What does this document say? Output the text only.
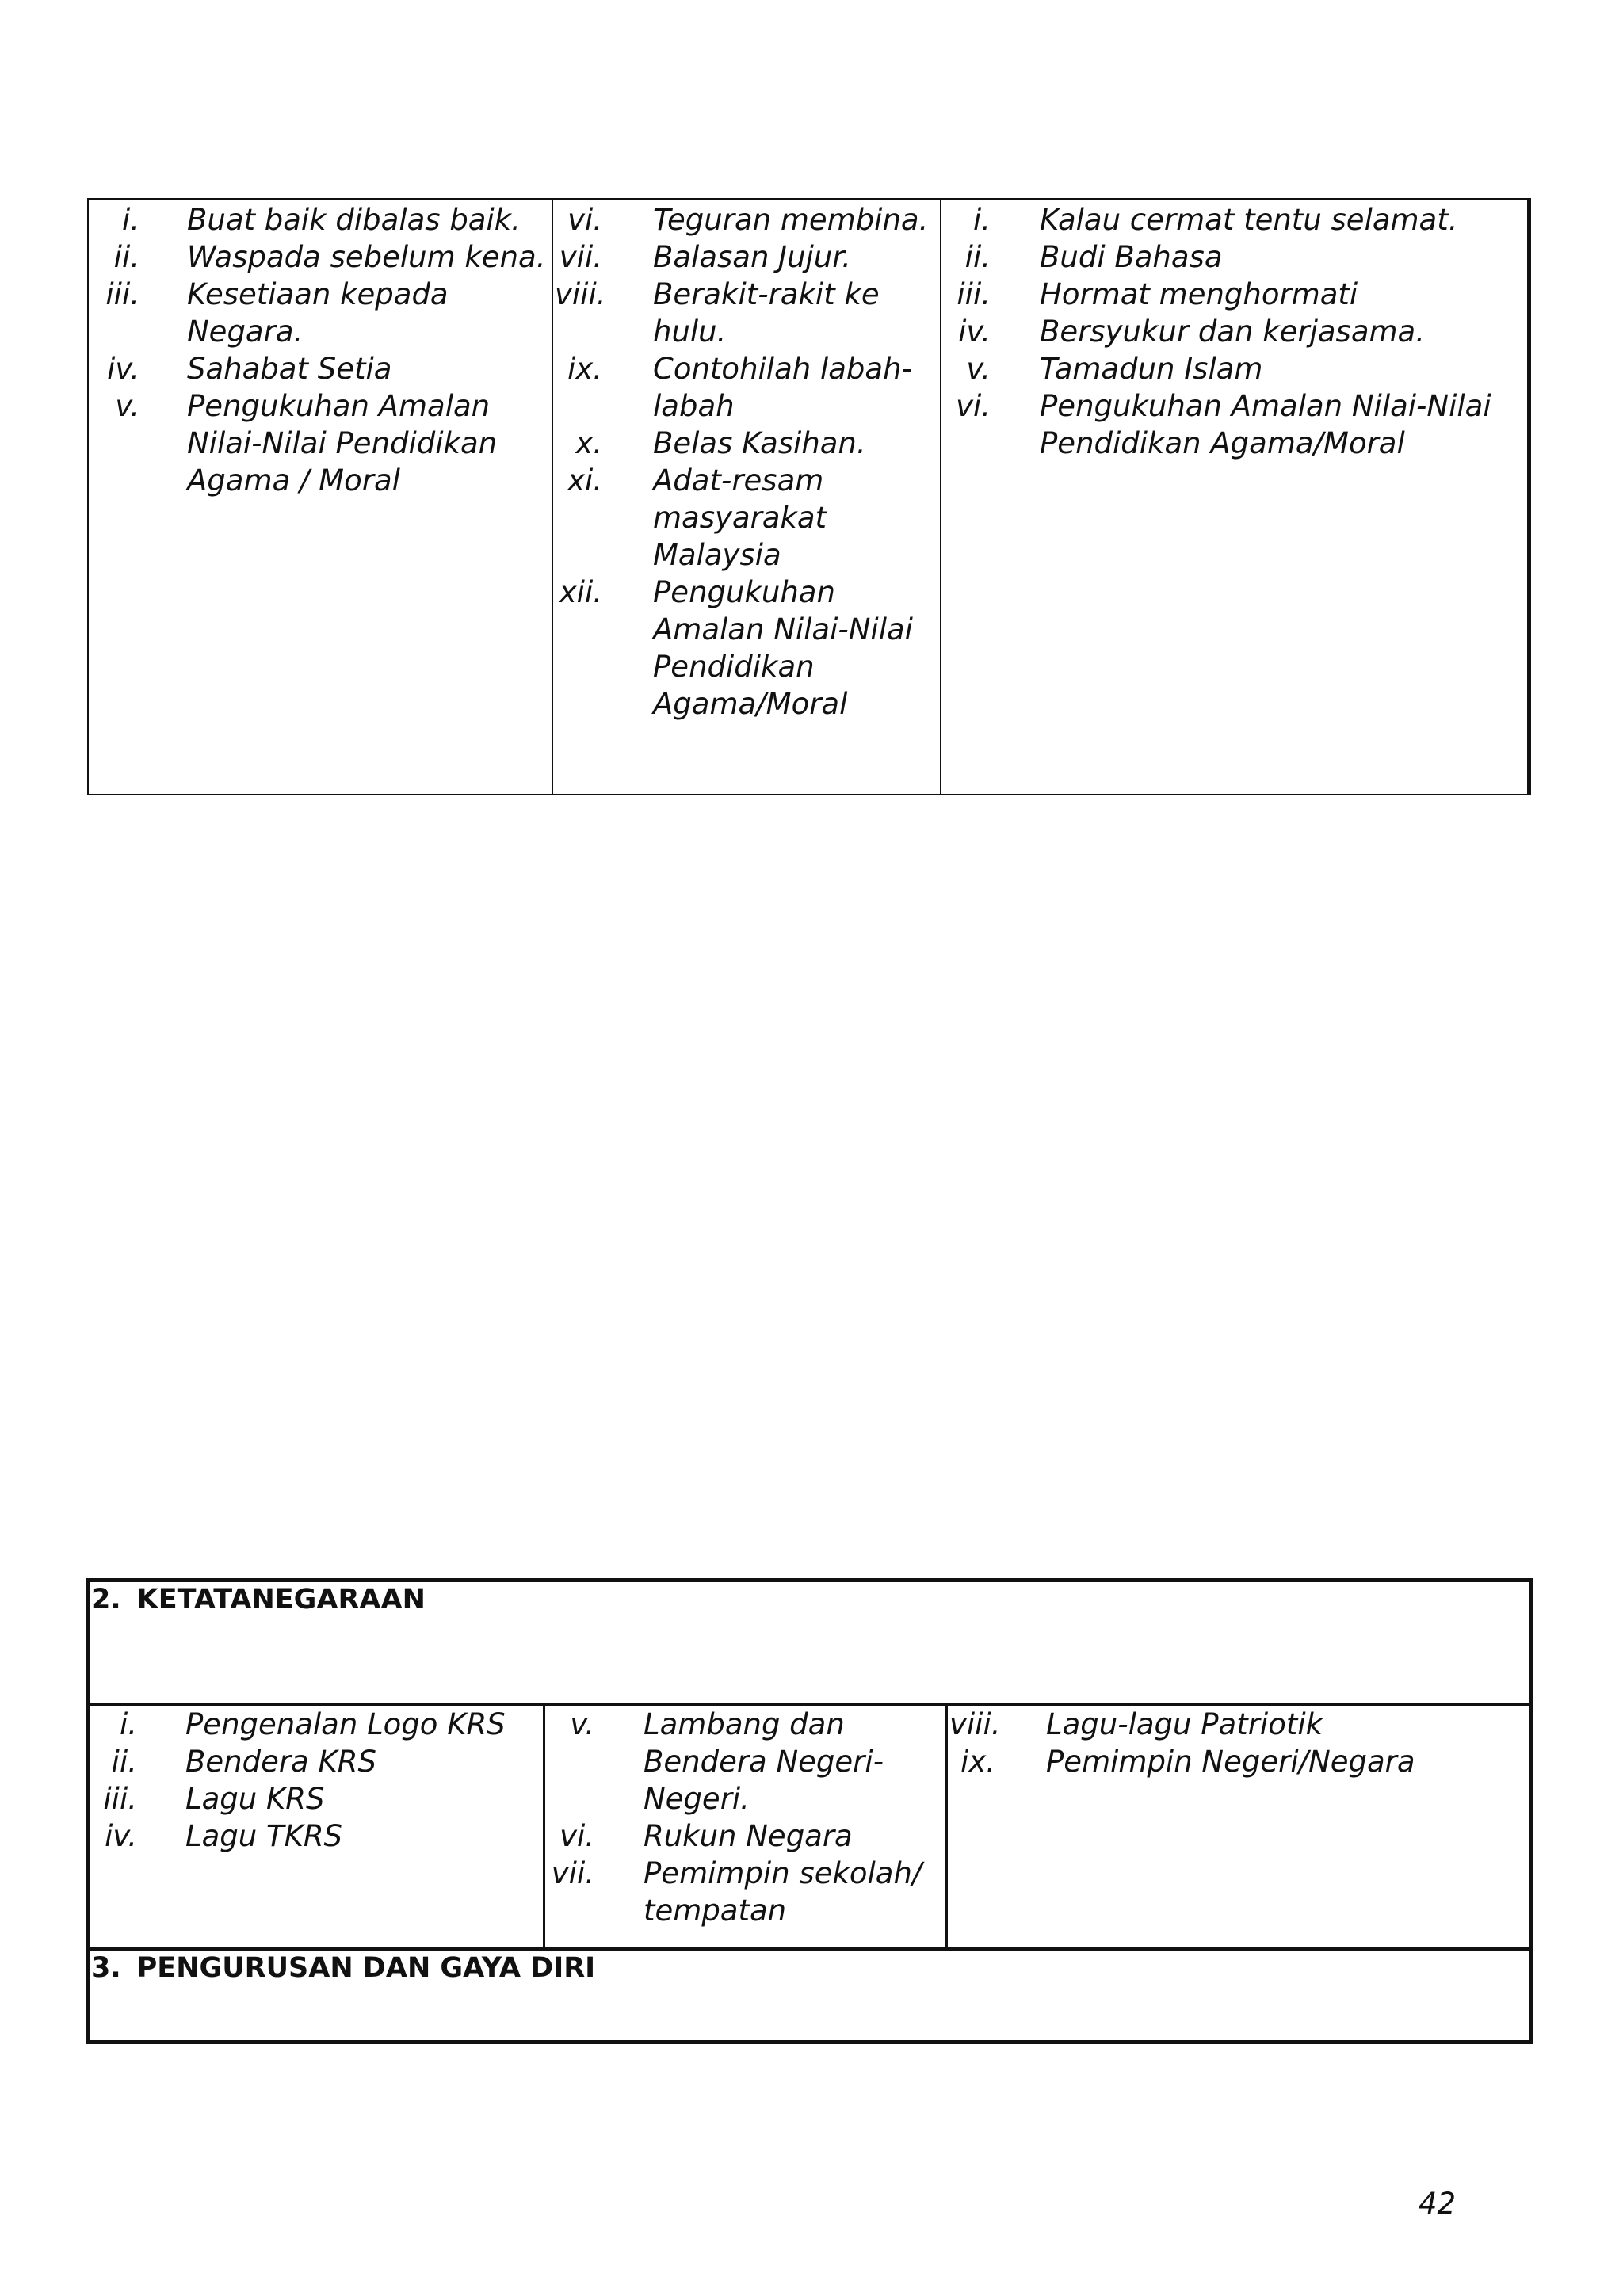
i. Buat baik dibalas baik.
ii. Waspada sebelum kena.
iii. Kesetiaan kepada Negara.
iv. Sahabat Setia
v. Pengukuhan Amalan Nilai-Nilai Pendidikan Agama / Moral
vi. Teguran membina.
vii. Balasan Jujur.
viii. Berakit-rakit ke hulu.
ix. Contohilah labah-labah
x. Belas Kasihan.
xi. Adat-resam masyarakat Malaysia
xii. Pengukuhan Amalan Nilai-Nilai Pendidikan Agama/Moral
i. Kalau cermat tentu selamat.
ii. Budi Bahasa
iii. Hormat menghormati
iv. Bersyukur dan kerjasama.
v. Tamadun Islam
vi. Pengukuhan Amalan Nilai-Nilai Pendidikan Agama/Moral
2. KETATANEGARAAN
i. Pengenalan Logo KRS
ii. Bendera KRS
iii. Lagu KRS
iv. Lagu TKRS
v. Lambang dan Bendera Negeri-Negeri.
vi. Rukun Negara
vii. Pemimpin sekolah/ tempatan
viii. Lagu-lagu Patriotik
ix. Pemimpin Negeri/Negara
3. PENGURUSAN DAN GAYA DIRI
42
